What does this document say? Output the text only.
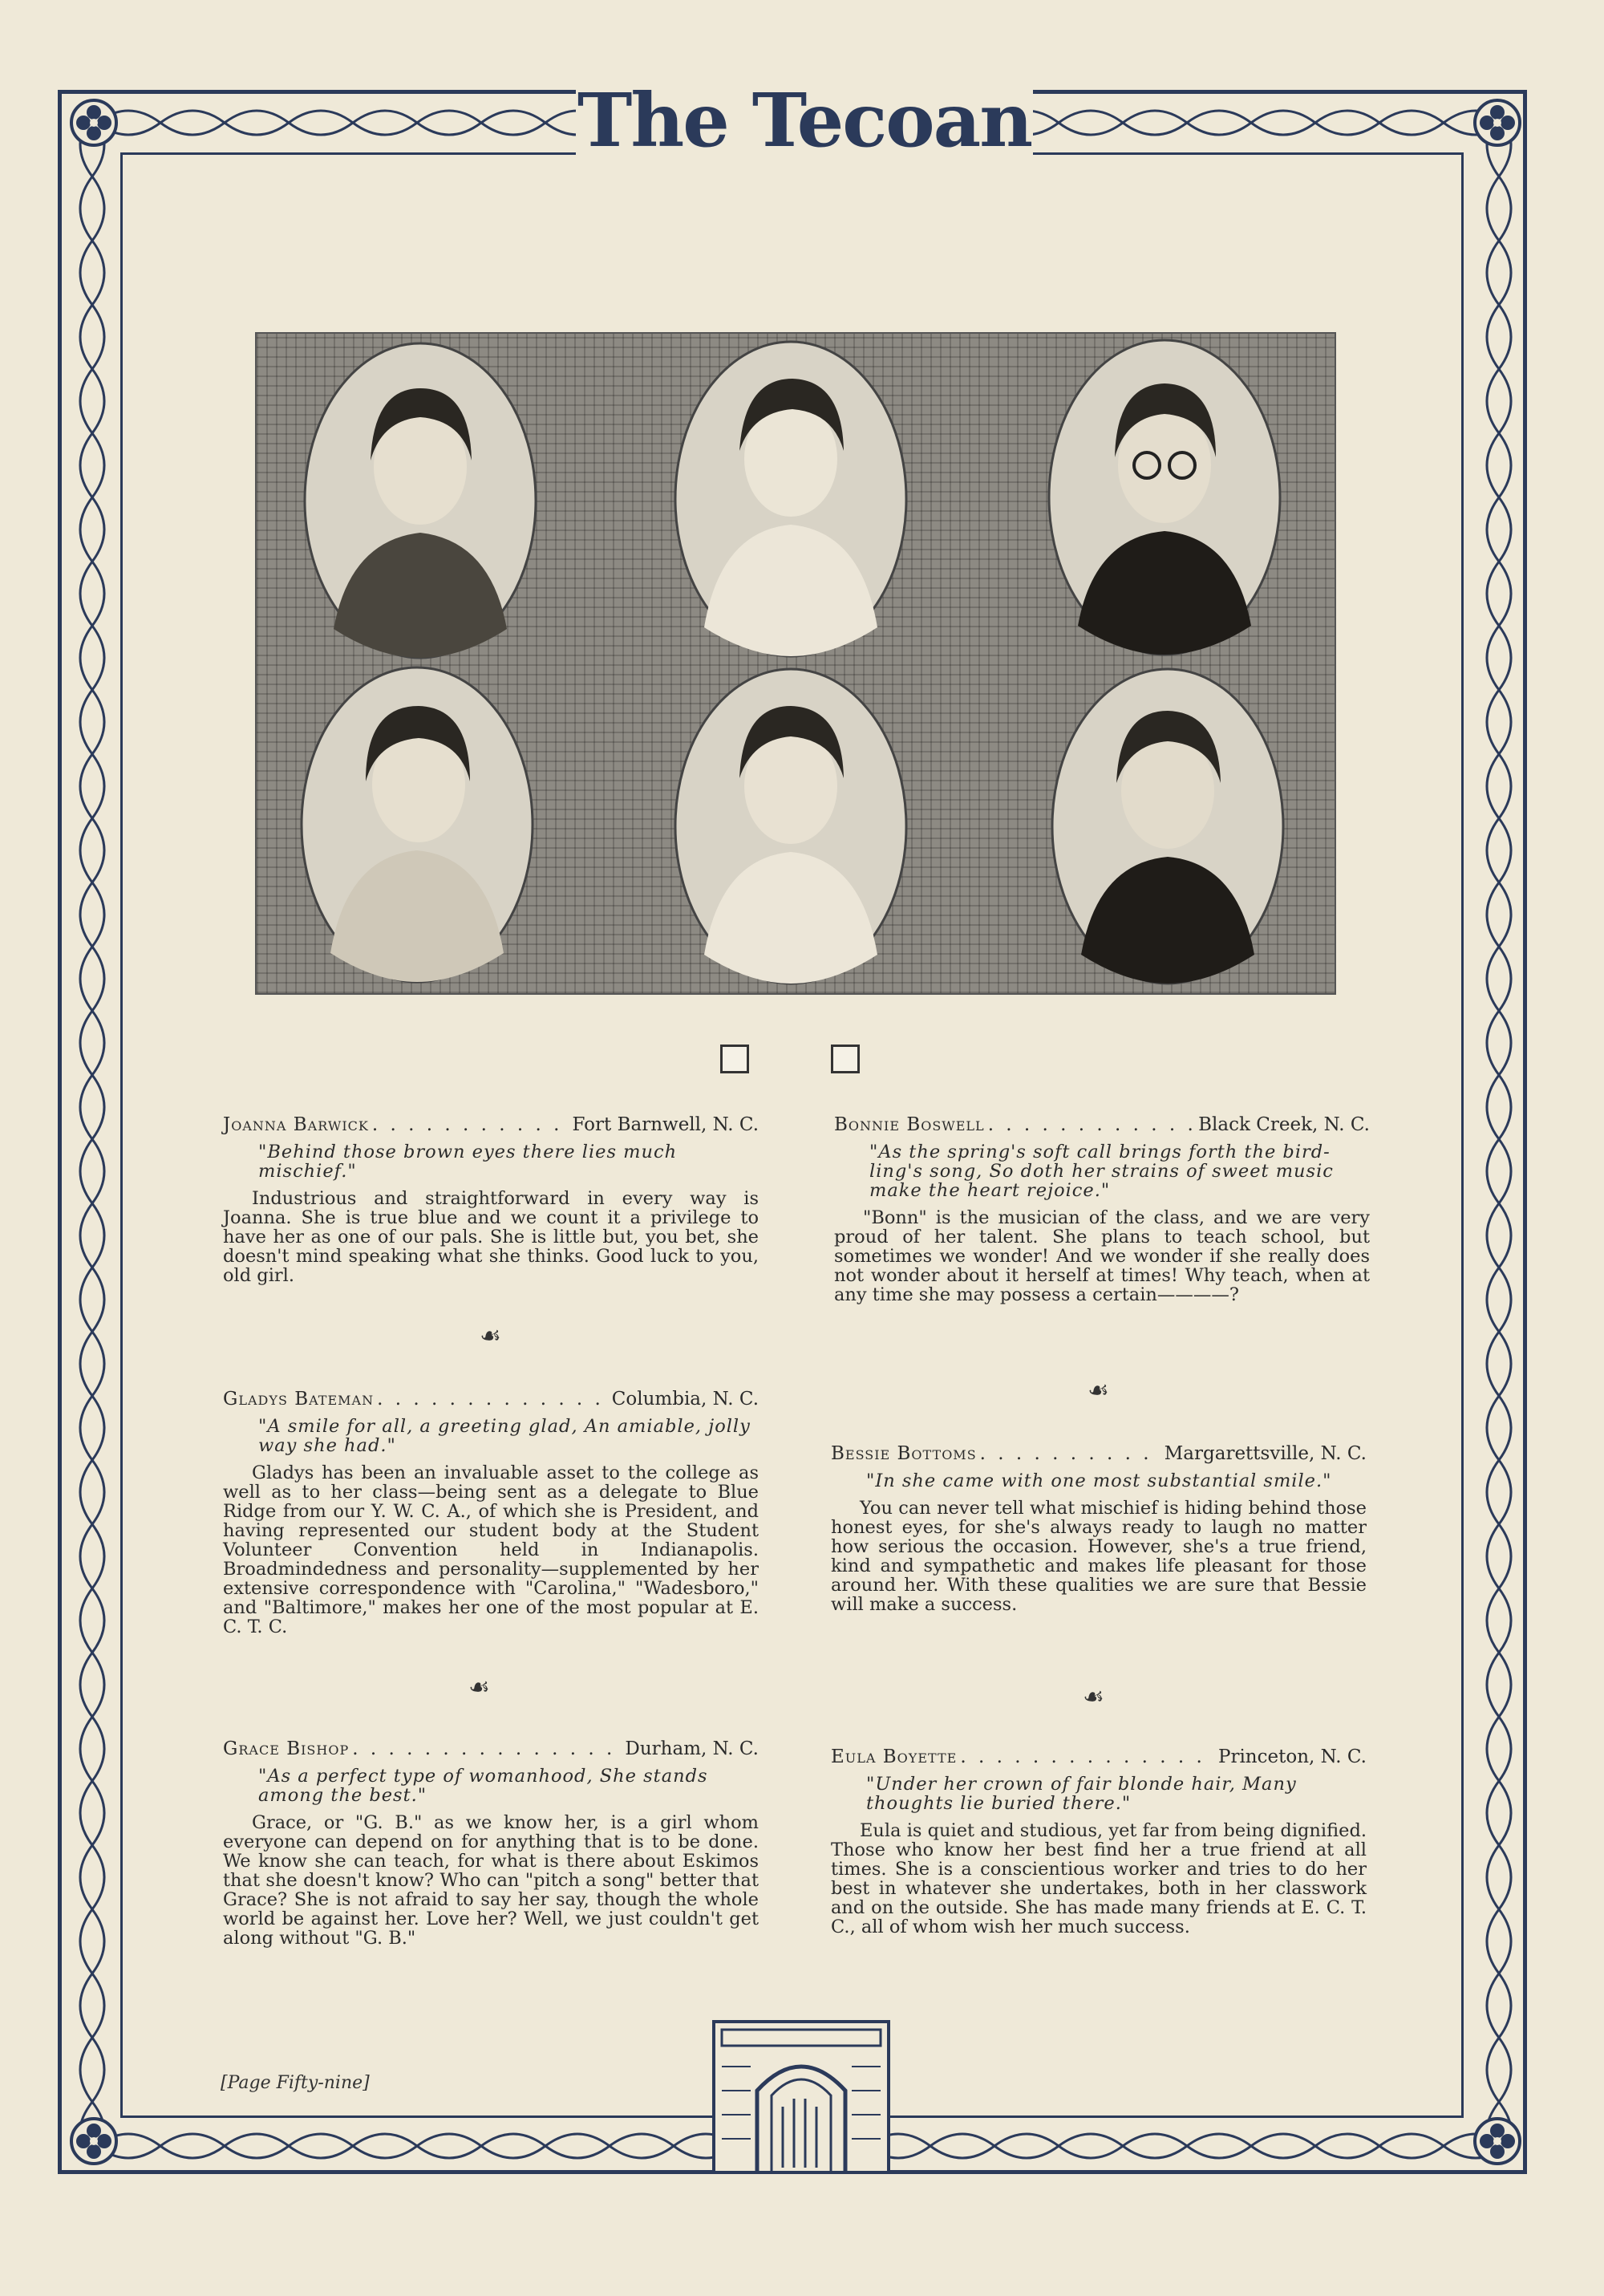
The Tecoan
Joanna Barwick . . .	Fort Barnwell, N. C.
"Behind those brown eyes there lies much mischief."
Industrious and straightforward in every way is Joanna. She is true blue and we count it a privilege to have her as one of our pals. She is little but, you bet, she doesn't mind speaking what she thinks. Good luck to you, old girl.
☙
Gladys Bateman . . .	Columbia, N. C.
"A smile for all, a greeting glad, An amiable, jolly way she had."
Gladys has been an invaluable asset to the college as well as to her class—being sent as a delegate to Blue Ridge from our Y. W. C. A., of which she is President, and having represented our student body at the Student Volunteer Convention held in Indianapolis. Broadmindedness and personality—supplemented by her extensive correspondence with "Carolina," "Wadesboro," and "Baltimore," makes her one of the most popular at E. C. T. C.
☙
Grace Bishop . . .	Durham, N. C.
"As a perfect type of womanhood, She stands among the best."
Grace, or "G. B." as we know her, is a girl whom everyone can depend on for anything that is to be done. We know she can teach, for what is there about Eskimos that she doesn't know? Who can "pitch a song" better that Grace? She is not afraid to say her say, though the whole world be against her. Love her? Well, we just couldn't get along without "G. B."
Bonnie Boswell . . .	Black Creek, N. C.
"As the spring's soft call brings forth the bird-ling's song, So doth her strains of sweet music make the heart rejoice."
"Bonn" is the musician of the class, and we are very proud of her talent. She plans to teach school, but sometimes we wonder! And we wonder if she really does not wonder about it herself at times! Why teach, when at any time she may possess a certain————?
☙
Bessie Bottoms . . .	Margarettsville, N. C.
"In she came with one most substantial smile."
You can never tell what mischief is hiding behind those honest eyes, for she's always ready to laugh no matter how serious the occasion. However, she's a true friend, kind and sympathetic and makes life pleasant for those around her. With these qualities we are sure that Bessie will make a success.
☙
Eula Boyette . . .	Princeton, N. C.
"Under her crown of fair blonde hair, Many thoughts lie buried there."
Eula is quiet and studious, yet far from being dignified. Those who know her best find her a true friend at all times. She is a conscientious worker and tries to do her best in whatever she undertakes, both in her classwork and on the outside. She has made many friends at E. C. T. C., all of whom wish her much success.
[Page Fifty-nine]
